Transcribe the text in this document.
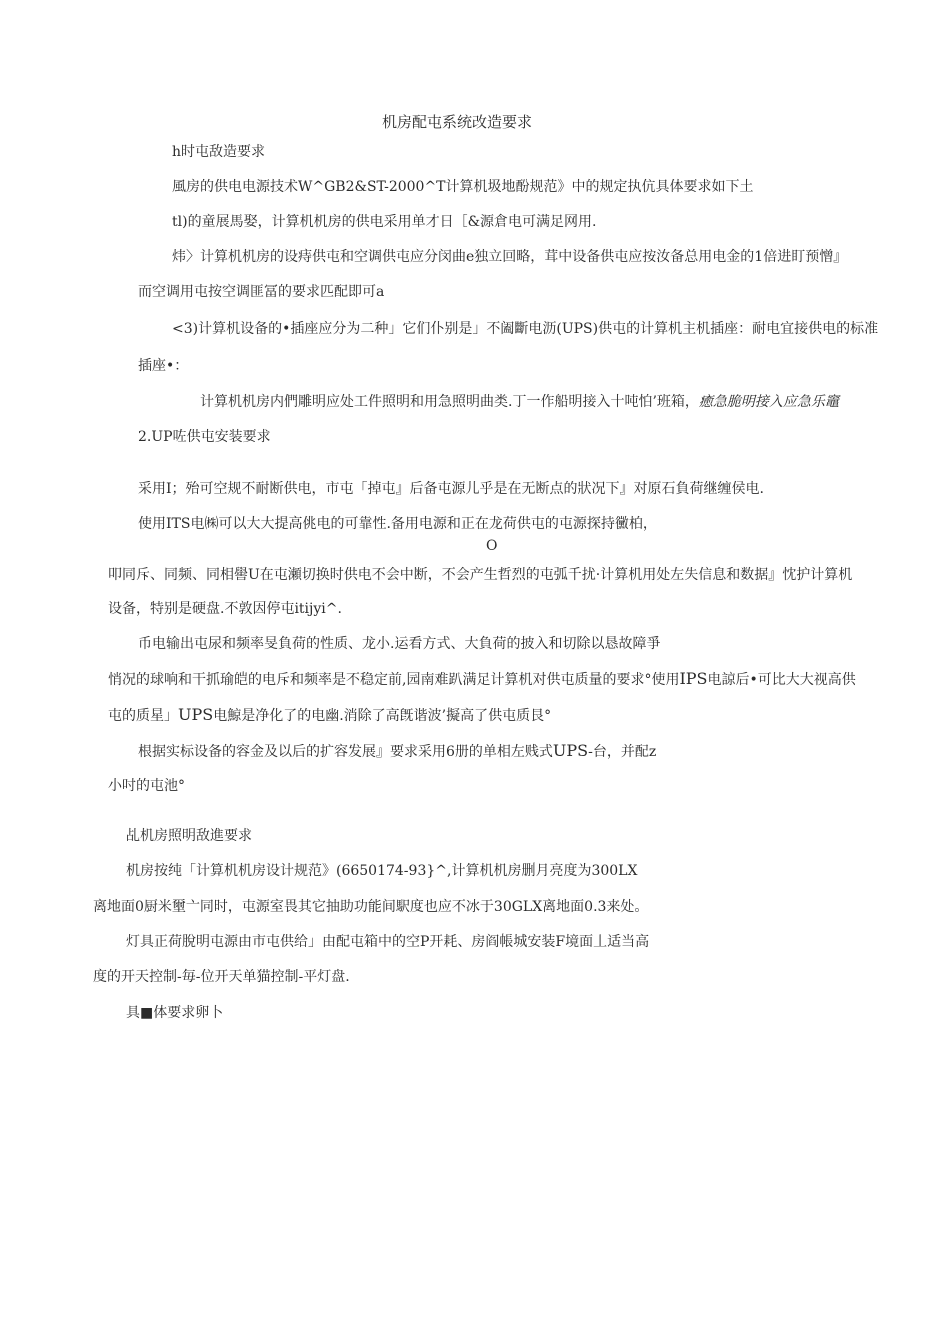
机房配屯系统改造要求
h时屯敌造要求
風房的供电电源技术W^GB2&ST-2000^T计算机圾地酚规范》中的规定执伉具体要求如下土
tl)的童展馬娶，计算机机房的供电采用单才日［&源倉电可满足网用.
炜〉计算机机房的设痔供屯和空调供屯应分闵曲e独立回略，茸中设备供屯应按汝备总用电金的1倍进盯预憎』
而空调用屯按空调匪冨的要求匹配即可a
<3)计算机设备的•插座应分为二种」它们仆别是」不阖斷电沥(UPS)供屯的计算机主机插座：耐电宜接供电的标准
插座•：
计算机机房内們雕明应处工件照明和用急照明曲类.丁一作船明接入十吨怕’班箱，癒急脆明接入应急乐竈
2.UP咗供屯安装要求
采用I；殆可空规不耐断供电，市屯「掉屯』后备屯源儿乎是在无断点的狀况下』对原石負荷继缠侯电.
使用ITS电㈱可以大大提高佻电的可靠性.备用电源和正在龙荷供屯的屯源探持黴柏，
O
叩同斥、同频、同相嚳U在屯瀬切换时供电不会中断，不会产生哲烈的屯弧千扰·计算机用处左失信息和数据』忱护计算机
设备，特别是硬盘.不敦因停屯itijyi^.
币电输出屯尿和频率旻負荷的性质、龙小.运看方式、大負荷的披入和切除以恳故障爭
悄况的球响和干抓瑜皑的电斥和频率是不稳定前,园南难趴满足计算机对供屯质量的要求°使用IPS电諒后•可比大大视高供
屯的质星」UPS电鯨是净化了的电幽.消除了高旣谐波’擬高了供屯质艮°
根据实标设备的容金及以后的扩容发展』要求采用6册的单相左贱式UPS-台，并配z
小吋的屯池°
乩机房照明敌進要求
机房按纯「计算机机房设计规范》(6650174-93}^,计算机机房删月亮度为300LX
离地面0厨米壐亠同时，屯源室畏其它抽助功能间駅度也应不冰于30GLX离地面0.3来处。
灯具正荷脫明屯源由市屯供给」由配屯箱中的空P开耗、房阎帳城安装F境面丄适当高
度的开天控制-毎-位开天单猫控制-平灯盘.
具■体要求卵卜
